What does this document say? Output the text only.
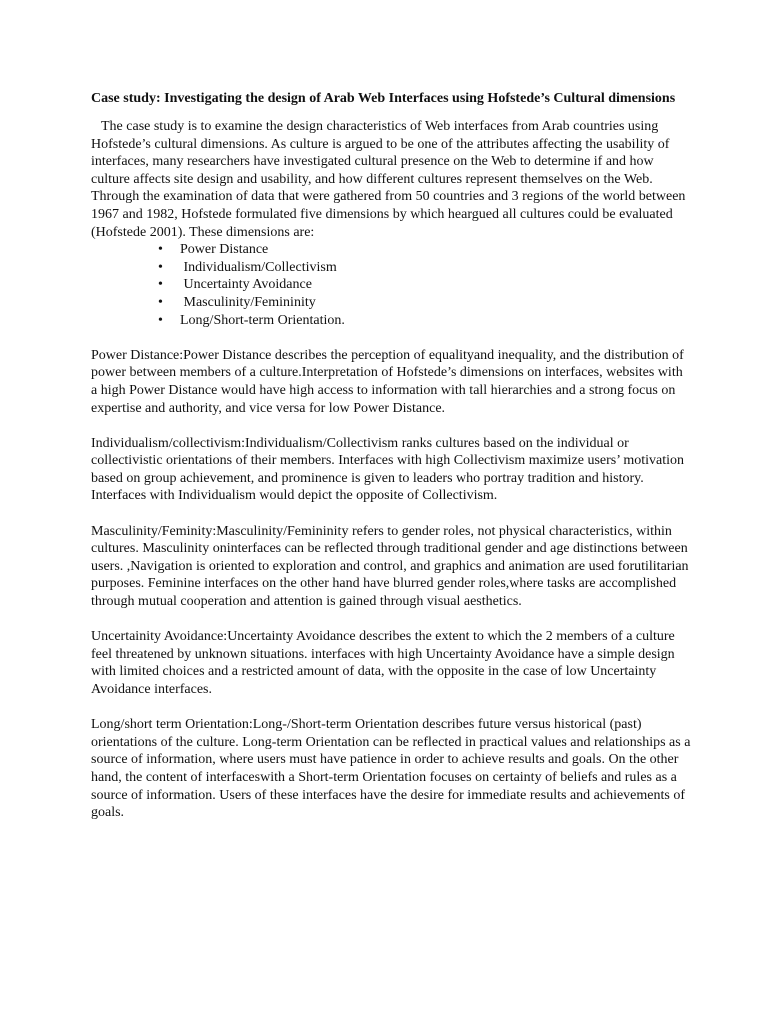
Case study: Investigating the design of Arab Web Interfaces using Hofstede’s Cultural dimensions

The case study is to examine the design characteristics of Web interfaces from Arab countries using Hofstede’s cultural dimensions. As culture is argued to be one of the attributes affecting the usability of interfaces, many researchers have investigated cultural presence on the Web to determine if and how culture affects site design and usability, and how different cultures represent themselves on the Web. Through the examination of data that were gathered from 50 countries and 3 regions of the world between 1967 and 1982, Hofstede formulated five dimensions by which heargued all cultures could be evaluated (Hofstede 2001). These dimensions are:

•	Power Distance
•	Individualism/Collectivism
•	Uncertainty Avoidance
•	Masculinity/Femininity
•	Long/Short-term Orientation.

Power Distance:Power Distance describes the perception of equalityand inequality, and the distribution of power between members of a culture.Interpretation of Hofstede’s dimensions on interfaces, websites with a high Power Distance would have high access to information with tall hierarchies and a strong focus on expertise and authority, and vice versa for low Power Distance.

Individualism/collectivism:Individualism/Collectivism ranks cultures based on the individual or collectivistic orientations of their members. Interfaces with high Collectivism maximize users’ motivation based on group achievement, and prominence is given to leaders who portray tradition and history. Interfaces with Individualism would depict the opposite of Collectivism.

Masculinity/Feminity:Masculinity/Femininity refers to gender roles, not physical characteristics, within cultures. Masculinity oninterfaces can be reflected through traditional gender and age distinctions between users. ,Navigation is oriented to exploration and control, and graphics and animation are used forutilitarian purposes. Feminine interfaces on the other hand have blurred gender roles,where tasks are accomplished through mutual cooperation and attention is gained through visual aesthetics.

Uncertainity Avoidance:Uncertainty Avoidance describes the extent to which the 2 members of a culture feel threatened by unknown situations. interfaces with high Uncertainty Avoidance have a simple design with limited choices and a restricted amount of data, with the opposite in the case of low Uncertainty Avoidance interfaces.

Long/short term Orientation:Long-/Short-term Orientation describes future versus historical (past) orientations of the culture. Long-term Orientation can be reflected in practical values and relationships as a source of information, where users must have patience in order to achieve results and goals. On the other hand, the content of interfaceswith a Short-term Orientation focuses on certainty of beliefs and rules as a source of information. Users of these interfaces have the desire for immediate results and achievements of goals.
